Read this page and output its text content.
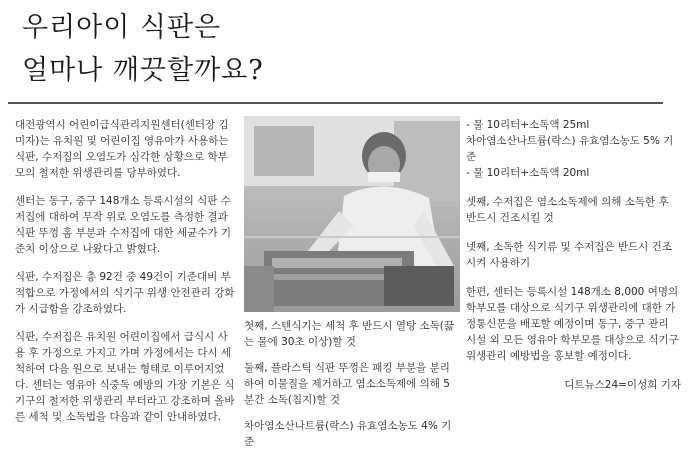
우리아이 식판은
얼마나 깨끗할까요?

대전광역시 어린이급식관리지원센터(센터장 김미자)는 유치원 및 어린이집 영유아가 사용하는 식판, 수저집의 오염도가 심각한 상황으로 학부모의 철저한 위생관리를 당부하였다.

센터는 동구, 중구 148개소 등록시설의 식판 수저집에 대하여 무작 위로 오염도를 측정한 결과 식판 뚜껑 홈 부분과 수저집에 대한 세균수가 기준치 이상으로 나왔다고 밝혔다.

식판, 수저집은 총 92건 중 49건이 기준대비 부적합으로 가정에서의 식기구 위생 안전관리 강화가 시급함을 강조하였다.

식판, 수저집은 유치원 어린이집에서 급식시 사용 후 가정으로 가지고 가며 가정에서는 다시 세척하여 다음 원으로 보내는 형태로 이루어지었다. 센터는 영유아 식중독 예방의 가장 기본은 식기구의 철저한 위생관리 부터라고 강조하며 올바른 세척 및 소독법을 다음과 같이 안내하였다.

첫째, 스텐식기는 세척 후 반드시 열탕 소독(끓는 물에 30초 이상)할 것

둘째, 플라스틱 식판 뚜껑은 패킹 부분을 분리하여 이물질을 제거하고 염소소독제에 의해 5분간 소독(침지)할 것

차아염소산나트륨(락스) 유효염소농도 4% 기준

- 물 10리터+소독액 25ml
차아염소산나트륨(락스) 유효염소농도 5% 기준
- 물 10리터+소독액 20ml

셋째, 수저집은 염소소독제에 의해 소독한 후 반드시 건조시킬 것

넷째, 소독한 식기류 및 수저집은 반드시 건조시켜 사용하기

한편, 센터는 등록시설 148개소 8,000 여명의 학부모를 대상으로 식기구 위생관리에 대한 가정통신문을 배포할 예정이며 동구, 중구 관리 시설 외 모든 영유아 학부모를 대상으로 식기구 위생관리 예방법을 홍보할 예정이다.

디트뉴스24=이성희 기자
